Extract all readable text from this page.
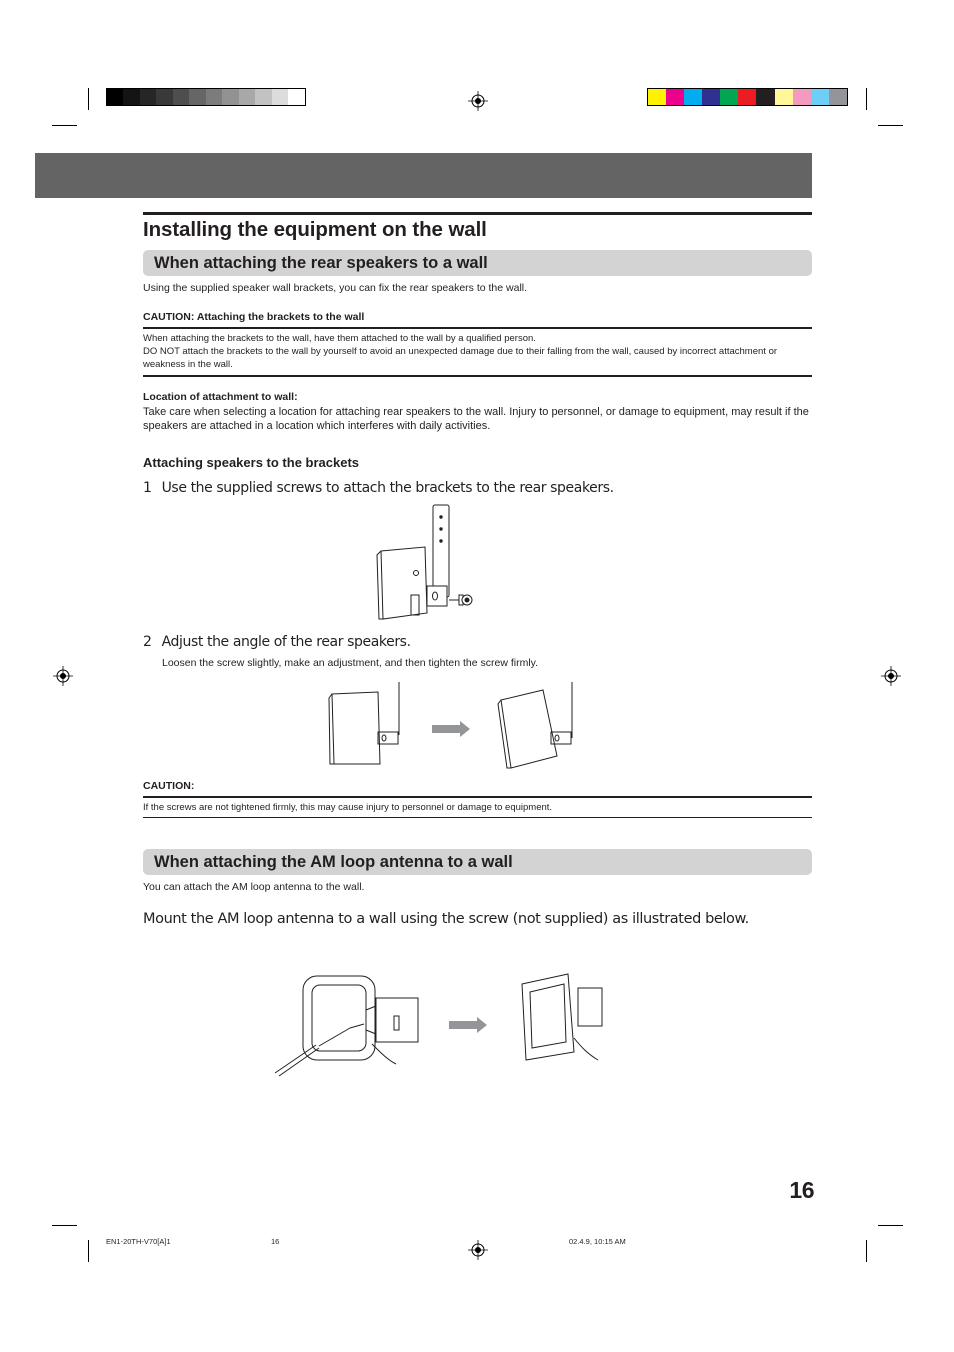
Installing the equipment on the wall
When attaching the rear speakers to a wall
Using the supplied speaker wall brackets, you can fix the rear speakers to the wall.
CAUTION: Attaching the brackets to the wall
When attaching the brackets to the wall, have them attached to the wall by a qualified person.
DO NOT attach the brackets to the wall by yourself to avoid an unexpected damage due to their falling from the wall, caused by incorrect attachment or weakness in the wall.
Location of attachment to wall:
Take care when selecting a location for attaching rear speakers to the wall. Injury to personnel, or damage to equipment, may result if the speakers are attached in a location which interferes with daily activities.
Attaching speakers to the brackets
1 Use the supplied screws to attach the brackets to the rear speakers.
2 Adjust the angle of the rear speakers.
Loosen the screw slightly, make an adjustment, and then tighten the screw firmly.
CAUTION:
If the screws are not tightened firmly, this may cause injury to personnel or damage to equipment.
When attaching the AM loop antenna to a wall
You can attach the AM loop antenna to the wall.
Mount the AM loop antenna to a wall using the screw (not supplied) as illustrated below.
16
EN1-20TH-V70[A]1	16	02.4.9, 10:15 AM
